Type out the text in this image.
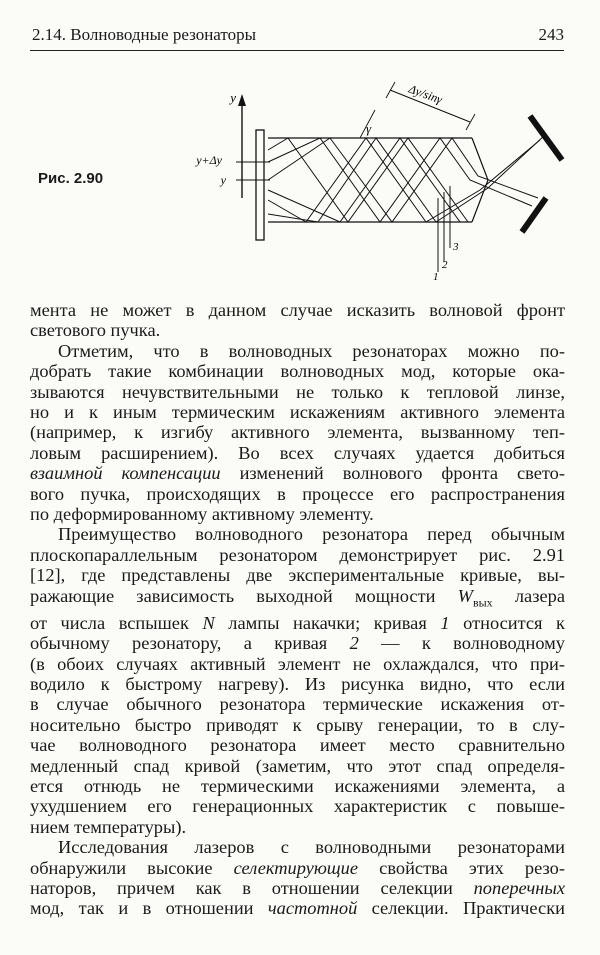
2.14. Волноводные резонаторы	243
Рис. 2.90
y
y+Δy
y
γ
Δy/sinγ
1
2
3

мента не может в данном случае исказить волновой фронт
светового пучка.

Отметим, что в волноводных резонаторах можно по-
добрать такие комбинации волноводных мод, которые ока-
зываются нечувствительными не только к тепловой линзе,
но и к иным термическим искажениям активного элемента
(например, к изгибу активного элемента, вызванному теп-
ловым расширением). Во всех случаях удается добиться
взаимной компенсации изменений волнового фронта свето-
вого пучка, происходящих в процессе его распространения
по деформированному активному элементу.

Преимущество волноводного резонатора перед обычным
плоскопараллельным резонатором демонстрирует рис. 2.91
[12], где представлены две экспериментальные кривые, вы-
ражающие зависимость выходной мощности $W_{вых}$ лазера
от числа вспышек N лампы накачки; кривая 1 относится к
обычному резонатору, а кривая 2 — к волноводному
(в обоих случаях активный элемент не охлаждался, что при-
водило к быстрому нагреву). Из рисунка видно, что если
в случае обычного резонатора термические искажения от-
носительно быстро приводят к срыву генерации, то в слу-
чае волноводного резонатора имеет место сравнительно
медленный спад кривой (заметим, что этот спад определя-
ется отнюдь не термическими искажениями элемента, а
ухудшением его генерационных характеристик с повыше-
нием температуры).

Исследования лазеров с волноводными резонаторами
обнаружили высокие селектирующие свойства этих резо-
наторов, причем как в отношении селекции поперечных
мод, так и в отношении частотной селекции. Практически
